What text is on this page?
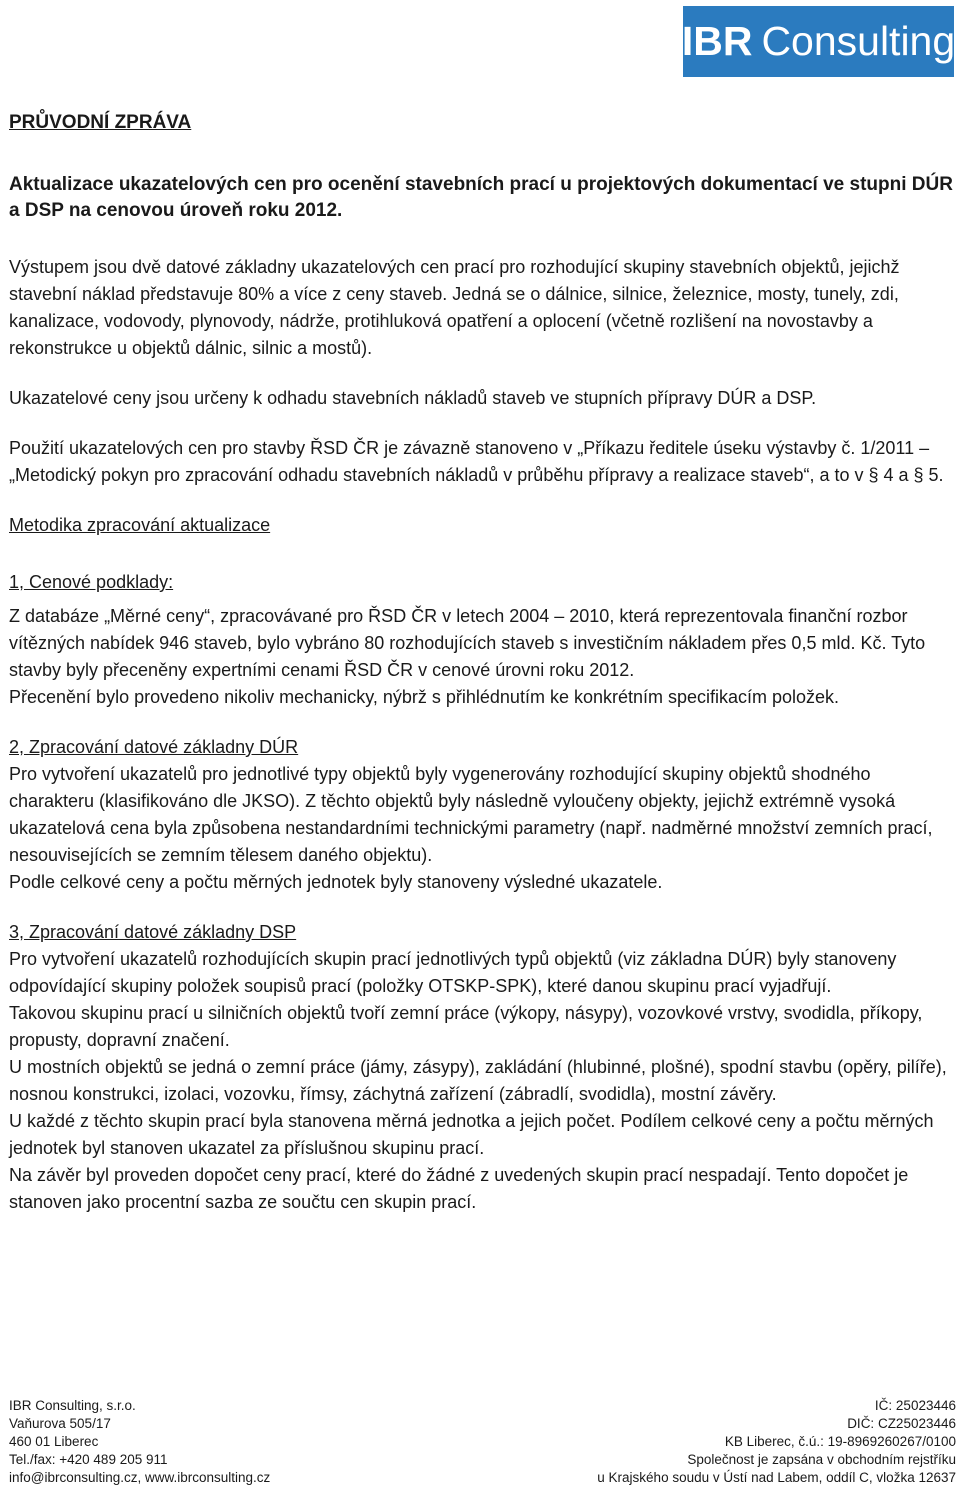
IBR Consulting
PRŮVODNÍ ZPRÁVA
Aktualizace ukazatelových cen pro ocenění stavebních prací u projektových dokumentací ve stupni DÚR a DSP na cenovou úroveň roku 2012.

Výstupem jsou dvě datové základny ukazatelových cen prací pro rozhodující skupiny stavebních objektů, jejichž stavební náklad představuje 80% a více z ceny staveb. Jedná se o dálnice, silnice, železnice, mosty, tunely, zdi, kanalizace, vodovody, plynovody, nádrže, protihluková opatření a oplocení (včetně rozlišení na novostavby a rekonstrukce u objektů dálnic, silnic a mostů).

Ukazatelové ceny jsou určeny k odhadu stavebních nákladů staveb ve stupních přípravy DÚR a DSP.

Použití ukazatelových cen pro stavby ŘSD ČR je závazně stanoveno v „Příkazu ředitele úseku výstavby č. 1/2011 – „Metodický pokyn pro zpracování odhadu stavebních nákladů v průběhu přípravy a realizace staveb“, a to v § 4 a § 5.

Metodika zpracování aktualizace
1, Cenové podklady:

Z databáze „Měrné ceny“, zpracovávané pro ŘSD ČR v letech 2004 – 2010, která reprezentovala finanční rozbor vítězných nabídek 946 staveb, bylo vybráno 80 rozhodujících staveb s investičním nákladem přes 0,5 mld. Kč. Tyto stavby byly přeceněny expertními cenami ŘSD ČR v cenové úrovni roku 2012.

Přecenění bylo provedeno nikoliv mechanicky, nýbrž s přihlédnutím ke konkrétním specifikacím položek.

2, Zpracování datové základny DÚR

Pro vytvoření ukazatelů pro jednotlivé typy objektů byly vygenerovány rozhodující skupiny objektů shodného charakteru (klasifikováno dle JKSO). Z těchto objektů byly následně vyloučeny objekty, jejichž extrémně vysoká ukazatelová cena byla způsobena nestandardními technickými parametry (např. nadměrné množství zemních prací, nesouvisejících se zemním tělesem daného objektu).

Podle celkové ceny a počtu měrných jednotek byly stanoveny výsledné ukazatele.

3, Zpracování datové základny DSP

Pro vytvoření ukazatelů rozhodujících skupin prací jednotlivých typů objektů (viz základna DÚR) byly stanoveny odpovídající skupiny položek soupisů prací (položky OTSKP-SPK), které danou skupinu prací vyjadřují.

Takovou skupinu prací u silničních objektů tvoří zemní práce (výkopy, násypy), vozovkové vrstvy, svodidla, příkopy, propusty, dopravní značení.

U mostních objektů se jedná o zemní práce (jámy, zásypy), zakládání (hlubinné, plošné), spodní stavbu (opěry, pilíře), nosnou konstrukci, izolaci, vozovku, římsy, záchytná zařízení (zábradlí, svodidla), mostní závěry.

U každé z těchto skupin prací byla stanovena měrná jednotka a jejich počet. Podílem celkové ceny a počtu měrných jednotek byl stanoven ukazatel za příslušnou skupinu prací.

Na závěr byl proveden dopočet ceny prací, které do žádné z uvedených skupin prací nespadají. Tento dopočet je stanoven jako procentní sazba ze součtu cen skupin prací.

IBR Consulting, s.r.o.	IČ: 25023446
Vaňurova 505/17	DIČ: CZ25023446
460 01 Liberec	KB Liberec, č.ú.: 19-8969260267/0100
Tel./fax: +420 489 205 911	Společnost je zapsána v obchodním rejstříku
info@ibrconsulting.cz, www.ibrconsulting.cz	u Krajského soudu v Ústí nad Labem, oddíl C, vložka 12637
